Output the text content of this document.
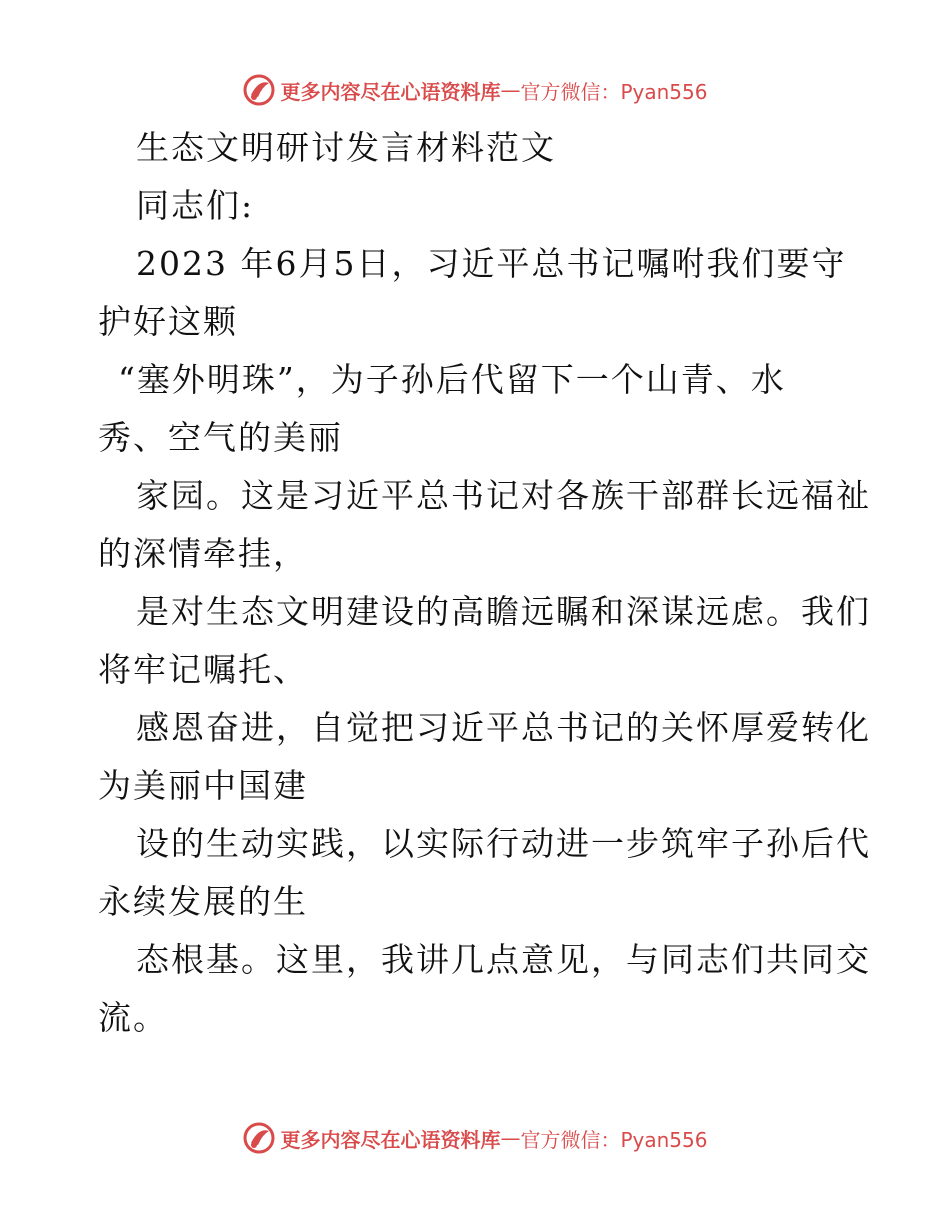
更多内容尽在心语资料库 — 官方微信：Pyan556
生态文明研讨发言材料范文
同志们:
2023 年6月5日，习近平总书记嘱咐我们要守
护好这颗
“塞外明珠”，为子孙后代留下一个山青、水
秀、空气的美丽
家园。这是习近平总书记对各族干部群长远福祉
的深情牵挂，
是对生态文明建设的高瞻远瞩和深谋远虑。我们
将牢记嘱托、
感恩奋进，自觉把习近平总书记的关怀厚爱转化
为美丽中国建
设的生动实践，以实际行动进一步筑牢子孙后代
永续发展的生
态根基。这里，我讲几点意见，与同志们共同交
流。
更多内容尽在心语资料库 — 官方微信：Pyan556
